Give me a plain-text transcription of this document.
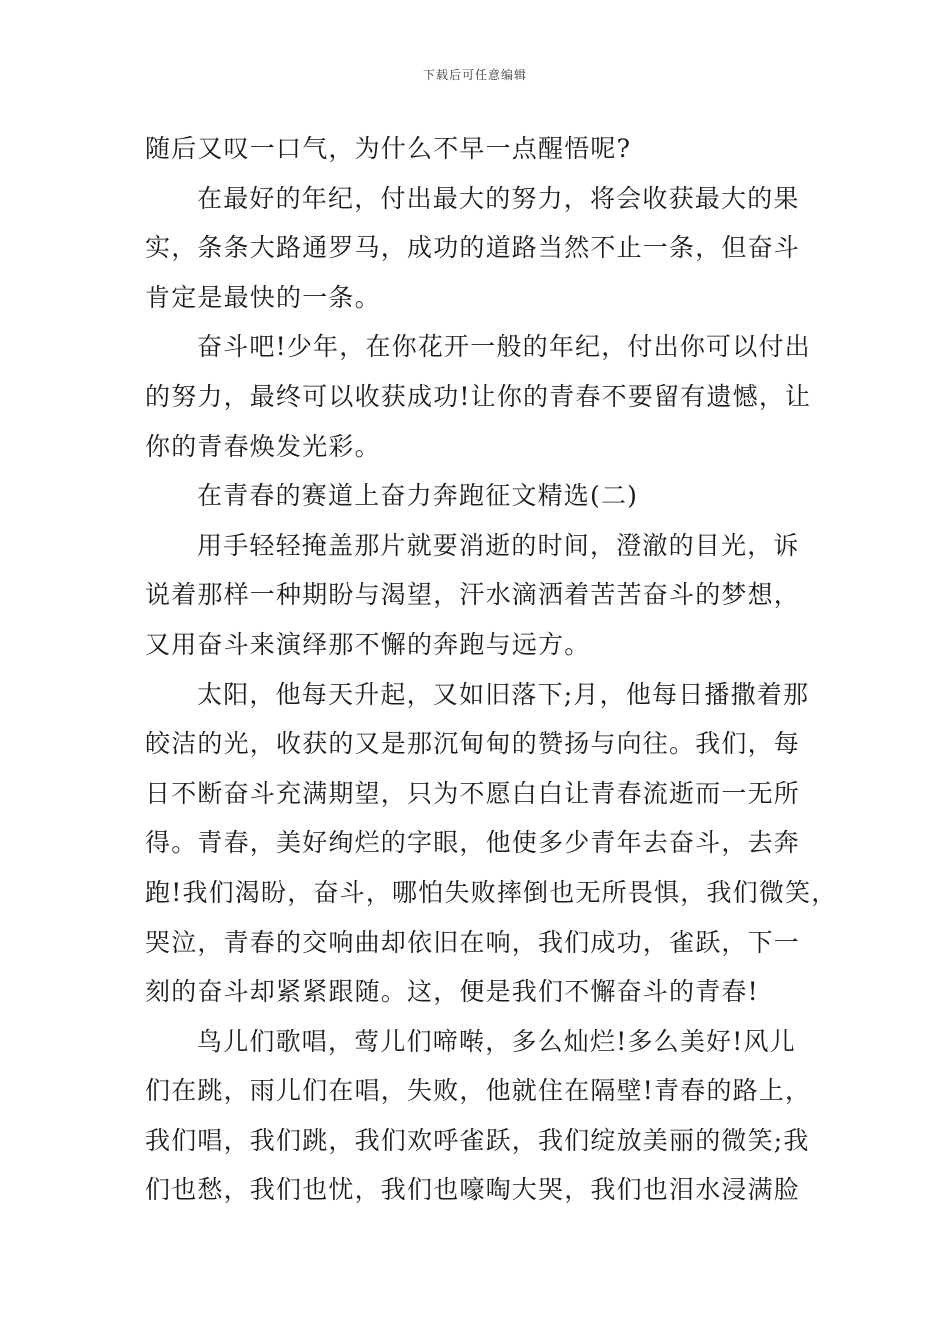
下载后可任意编辑
随后又叹一口气，为什么不早一点醒悟呢?
在最好的年纪，付出最大的努力，将会收获最大的果
实，条条大路通罗马，成功的道路当然不止一条，但奋斗
肯定是最快的一条。
奋斗吧!少年，在你花开一般的年纪，付出你可以付出
的努力，最终可以收获成功!让你的青春不要留有遗憾，让
你的青春焕发光彩。
在青春的赛道上奋力奔跑征文精选(二)
用手轻轻掩盖那片就要消逝的时间，澄澈的目光，诉
说着那样一种期盼与渴望，汗水滴洒着苦苦奋斗的梦想，
又用奋斗来演绎那不懈的奔跑与远方。
太阳，他每天升起，又如旧落下;月，他每日播撒着那
皎洁的光，收获的又是那沉甸甸的赞扬与向往。我们，每
日不断奋斗充满期望，只为不愿白白让青春流逝而一无所
得。青春，美好绚烂的字眼，他使多少青年去奋斗，去奔
跑!我们渴盼，奋斗，哪怕失败摔倒也无所畏惧，我们微笑，
哭泣，青春的交响曲却依旧在响，我们成功，雀跃，下一
刻的奋斗却紧紧跟随。这，便是我们不懈奋斗的青春!
鸟儿们歌唱，莺儿们啼啭，多么灿烂!多么美好!风儿
们在跳，雨儿们在唱，失败，他就住在隔壁!青春的路上，
我们唱，我们跳，我们欢呼雀跃，我们绽放美丽的微笑;我
们也愁，我们也忧，我们也嚎啕大哭，我们也泪水浸满脸
